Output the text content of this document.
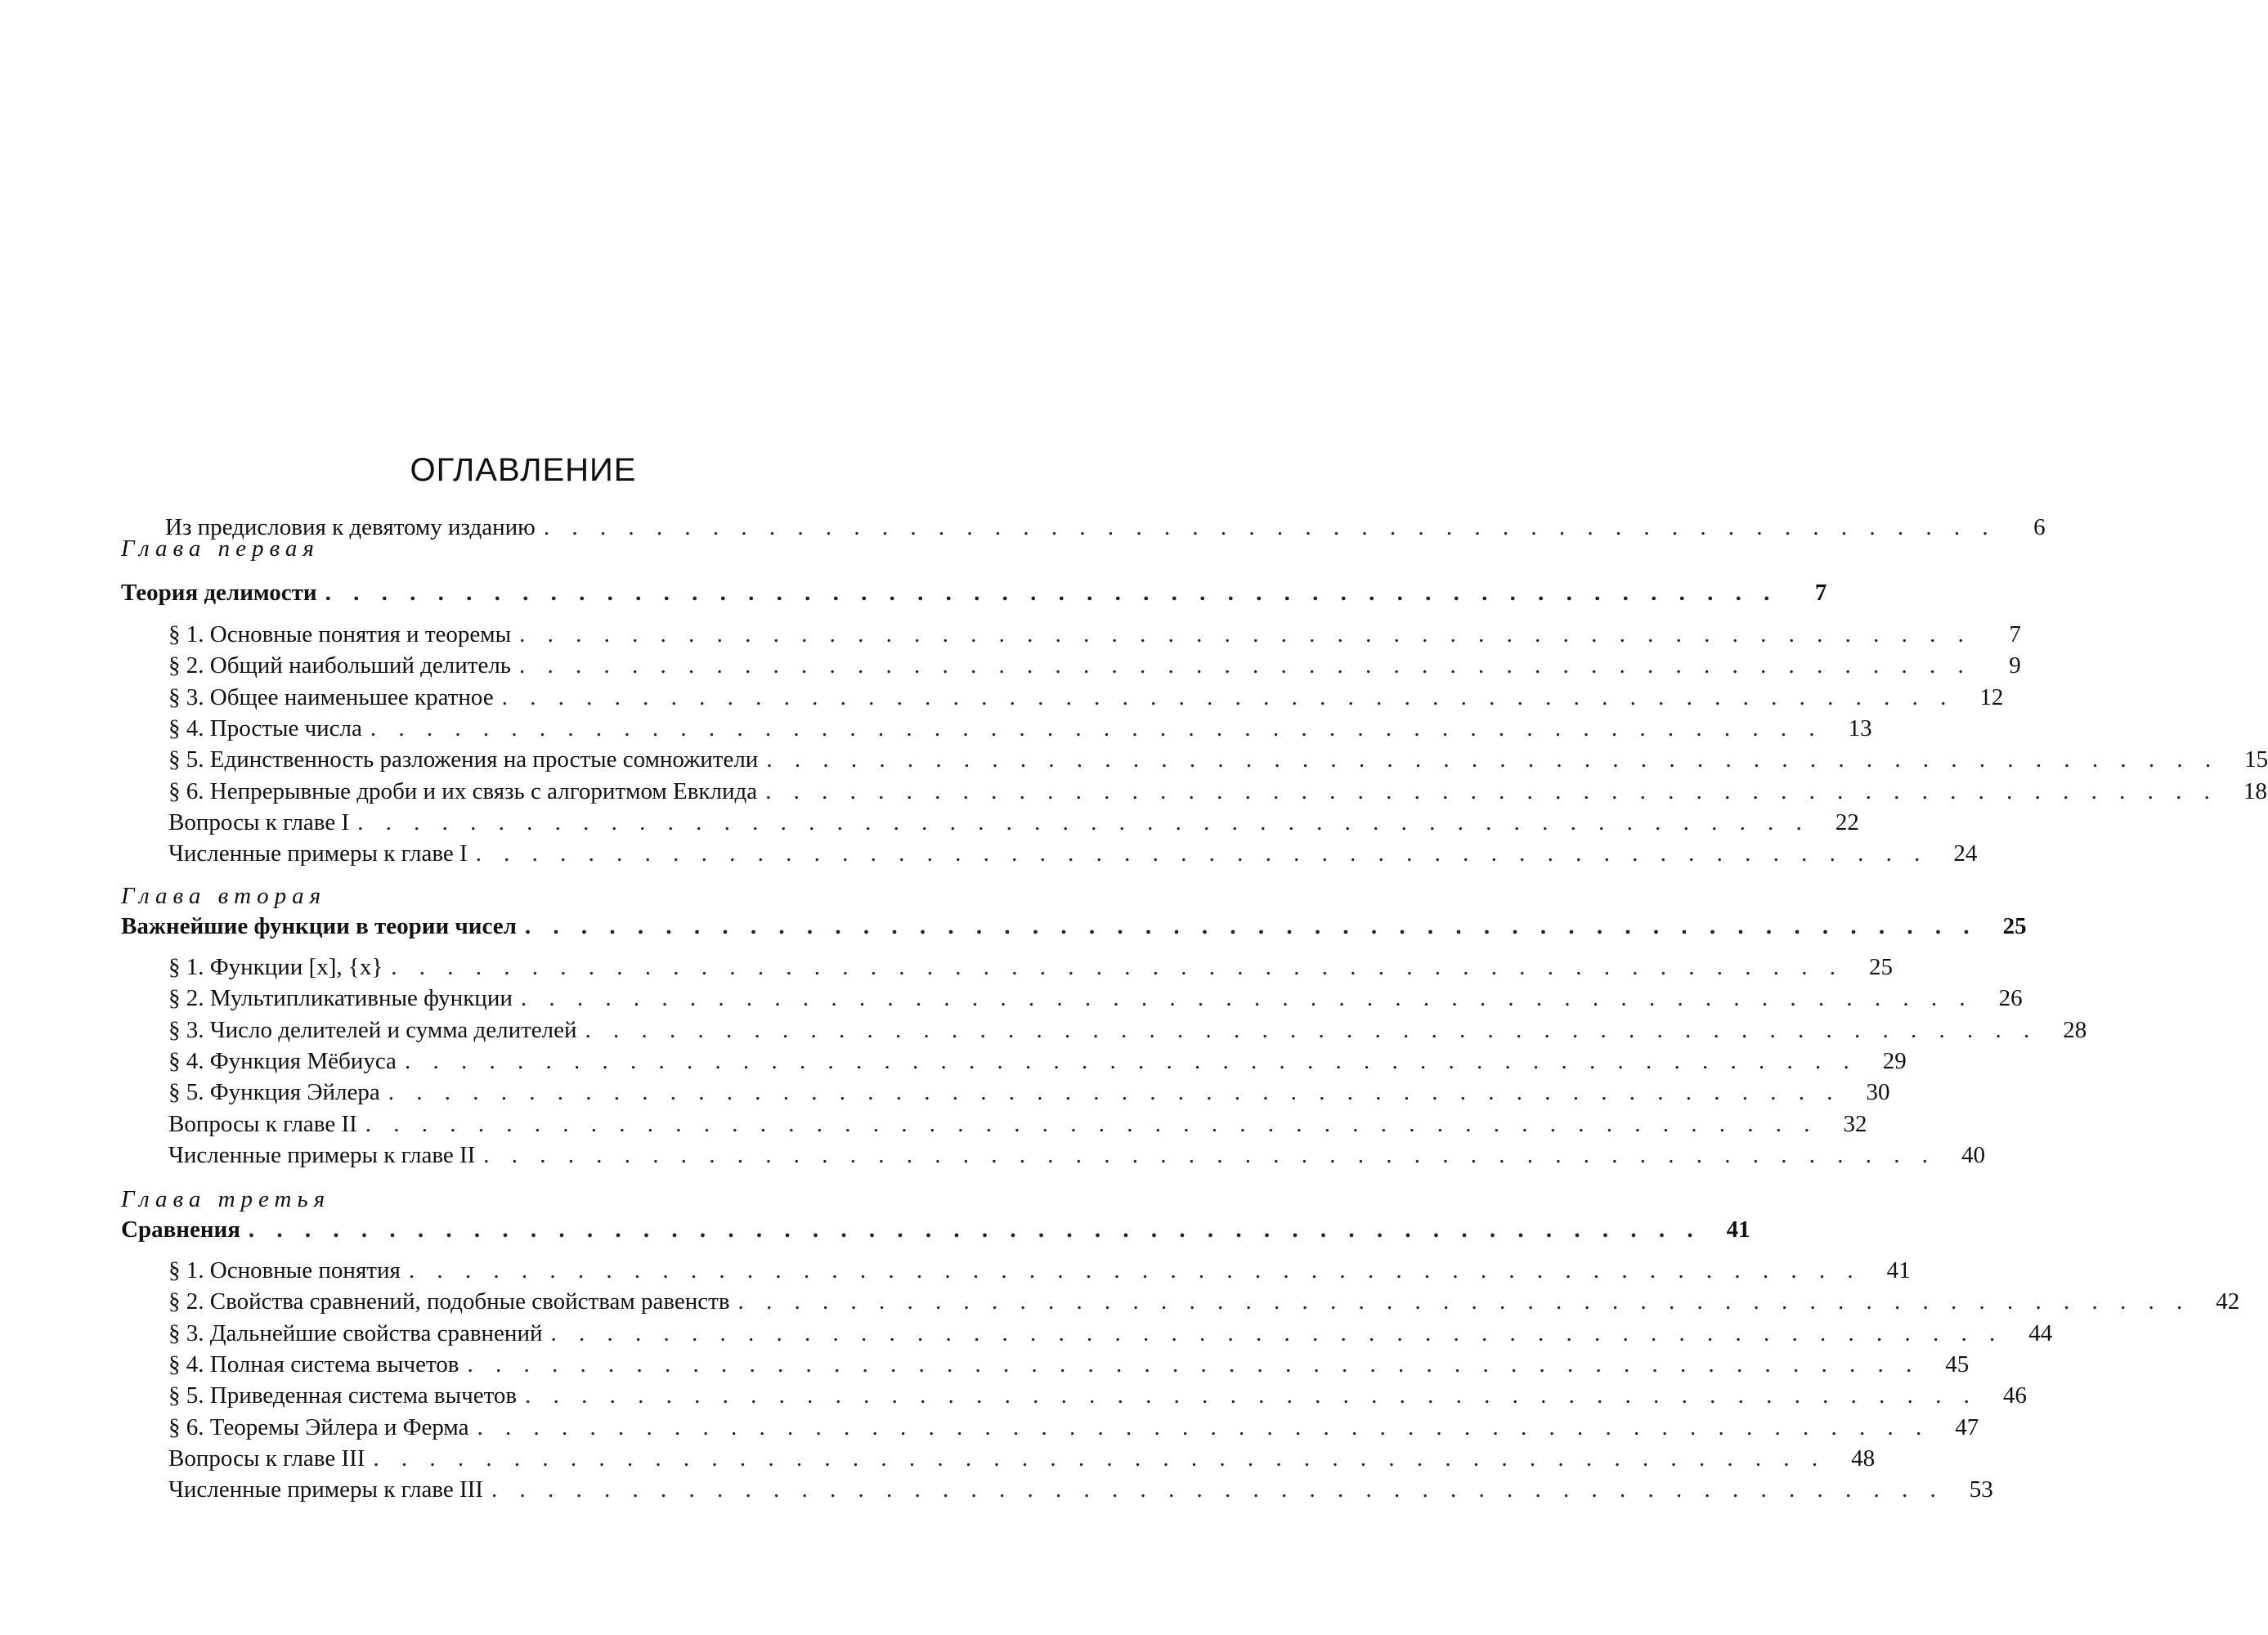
ОГЛАВЛЕНИЕ
Из предисловия к девятому изданию . . . . . . . . . . . . . . . . . . . . . . . . . . . . . . . . . . . . . . . . . . . . . . . . . . . .	6
Глава первая
Теория делимости . . . . . . . . . . . . . . . . . . . . . . . . . . . . . . . . . . . . . . . . . . . . . . . . . . . .	7
§ 1. Основные понятия и теоремы . . . . . . . . . . . . . . . . . . . . . . . . . . . . . . . . . . . . . . . . . . . . . . . . . . . .	7
§ 2. Общий наибольший делитель . . . . . . . . . . . . . . . . . . . . . . . . . . . . . . . . . . . . . . . . . . . . . . . . . . . .	9
§ 3. Общее наименьшее кратное . . . . . . . . . . . . . . . . . . . . . . . . . . . . . . . . . . . . . . . . . . . . . . . . . . . .	12
§ 4. Простые числа . . . . . . . . . . . . . . . . . . . . . . . . . . . . . . . . . . . . . . . . . . . . . . . . . . . .	13
§ 5. Единственность разложения на простые сомножители . . . . . . . . . . . . . . . . . . . . . . . . . . . . . . . . . . . . . . . . . . . . . . . . . . . .	15
§ 6. Непрерывные дроби и их связь с алгоритмом Евклида . . . . . . . . . . . . . . . . . . . . . . . . . . . . . . . . . . . . . . . . . . . . . . . . . . . .	18
Вопросы к главе I . . . . . . . . . . . . . . . . . . . . . . . . . . . . . . . . . . . . . . . . . . . . . . . . . . . .	22
Численные примеры к главе I . . . . . . . . . . . . . . . . . . . . . . . . . . . . . . . . . . . . . . . . . . . . . . . . . . . .	24
Глава вторая
Важнейшие функции в теории чисел . . . . . . . . . . . . . . . . . . . . . . . . . . . . . . . . . . . . . . . . . . . . . . . . . . . .	25
§ 1. Функции [x], {x} . . . . . . . . . . . . . . . . . . . . . . . . . . . . . . . . . . . . . . . . . . . . . . . . . . . .	25
§ 2. Мультипликативные функции . . . . . . . . . . . . . . . . . . . . . . . . . . . . . . . . . . . . . . . . . . . . . . . . . . . .	26
§ 3. Число делителей и сумма делителей . . . . . . . . . . . . . . . . . . . . . . . . . . . . . . . . . . . . . . . . . . . . . . . . . . . .	28
§ 4. Функция Мёбиуса . . . . . . . . . . . . . . . . . . . . . . . . . . . . . . . . . . . . . . . . . . . . . . . . . . . .	29
§ 5. Функция Эйлера . . . . . . . . . . . . . . . . . . . . . . . . . . . . . . . . . . . . . . . . . . . . . . . . . . . .	30
Вопросы к главе II . . . . . . . . . . . . . . . . . . . . . . . . . . . . . . . . . . . . . . . . . . . . . . . . . . . .	32
Численные примеры к главе II . . . . . . . . . . . . . . . . . . . . . . . . . . . . . . . . . . . . . . . . . . . . . . . . . . . .	40
Глава третья
Сравнения . . . . . . . . . . . . . . . . . . . . . . . . . . . . . . . . . . . . . . . . . . . . . . . . . . . .	41
§ 1. Основные понятия . . . . . . . . . . . . . . . . . . . . . . . . . . . . . . . . . . . . . . . . . . . . . . . . . . . .	41
§ 2. Свойства сравнений, подобные свойствам равенств . . . . . . . . . . . . . . . . . . . . . . . . . . . . . . . . . . . . . . . . . . . . . . . . . . . .	42
§ 3. Дальнейшие свойства сравнений . . . . . . . . . . . . . . . . . . . . . . . . . . . . . . . . . . . . . . . . . . . . . . . . . . . .	44
§ 4. Полная система вычетов . . . . . . . . . . . . . . . . . . . . . . . . . . . . . . . . . . . . . . . . . . . . . . . . . . . .	45
§ 5. Приведенная система вычетов . . . . . . . . . . . . . . . . . . . . . . . . . . . . . . . . . . . . . . . . . . . . . . . . . . . .	46
§ 6. Теоремы Эйлера и Ферма . . . . . . . . . . . . . . . . . . . . . . . . . . . . . . . . . . . . . . . . . . . . . . . . . . . .	47
Вопросы к главе III . . . . . . . . . . . . . . . . . . . . . . . . . . . . . . . . . . . . . . . . . . . . . . . . . . . .	48
Численные примеры к главе III . . . . . . . . . . . . . . . . . . . . . . . . . . . . . . . . . . . . . . . . . . . . . . . . . . . .	53
